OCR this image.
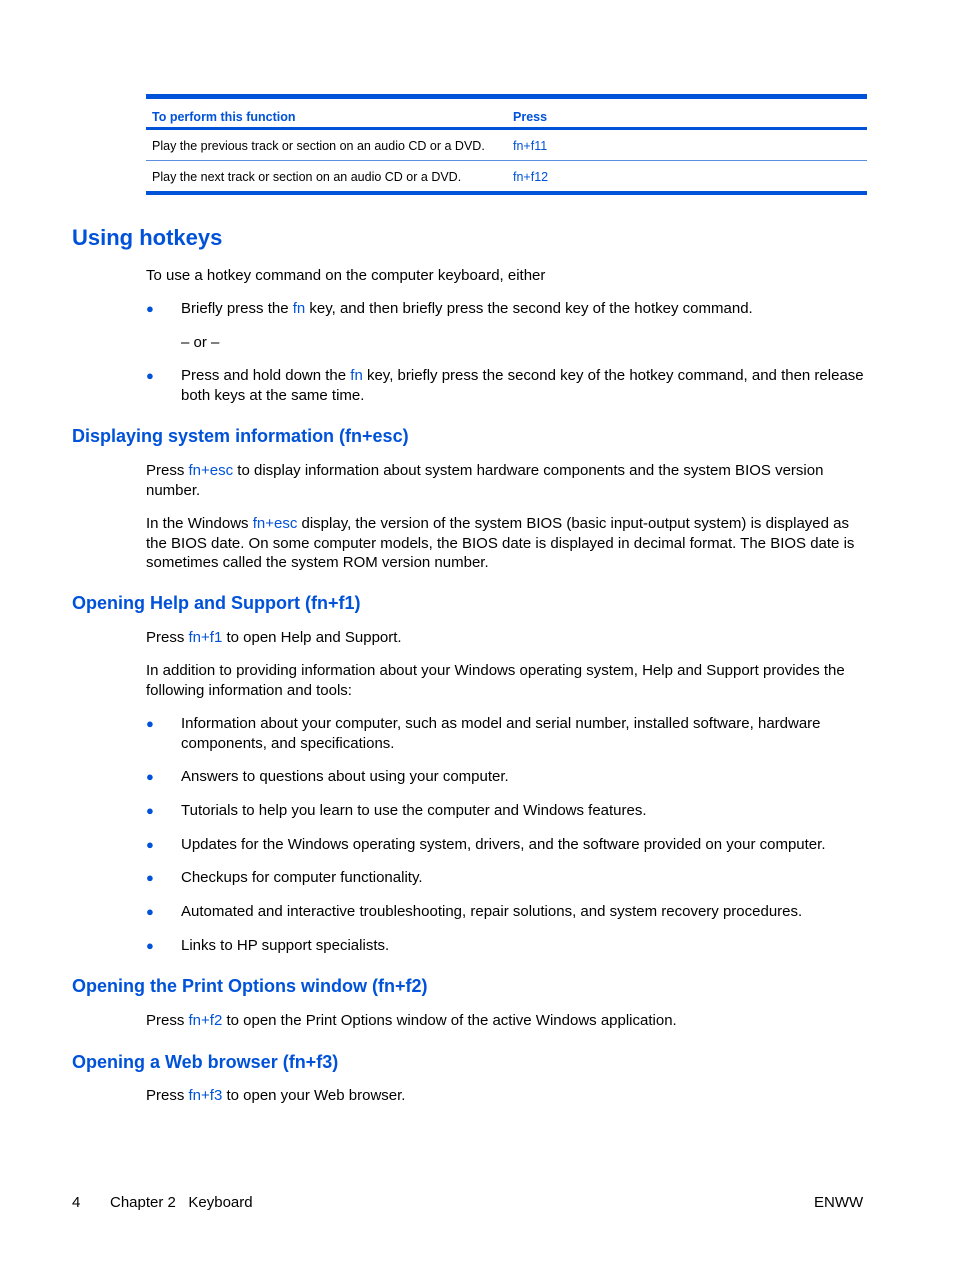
To perform this function	Press
Play the previous track or section on an audio CD or a DVD. fn+f11
Play the next track or section on an audio CD or a DVD.	fn+f12
Using hotkeys

To use a hotkey command on the computer keyboard, either

● Briefly press the fn key, and then briefly press the second key of the hotkey command.

– or –

● Press and hold down the fn key, briefly press the second key of the hotkey command, and then release both keys at the same time.
Displaying system information (fn+esc)

Press fn+esc to display information about system hardware components and the system BIOS version number.

In the Windows fn+esc display, the version of the system BIOS (basic input-output system) is displayed as the BIOS date. On some computer models, the BIOS date is displayed in decimal format. The BIOS date is sometimes called the system ROM version number.

Opening Help and Support (fn+f1)

Press fn+f1 to open Help and Support.

In addition to providing information about your Windows operating system, Help and Support provides the following information and tools:

● Information about your computer, such as model and serial number, installed software, hardware components, and specifications.
● Answers to questions about using your computer.
● Tutorials to help you learn to use the computer and Windows features.
● Updates for the Windows operating system, drivers, and the software provided on your computer.
● Checkups for computer functionality.
● Automated and interactive troubleshooting, repair solutions, and system recovery procedures.
● Links to HP support specialists.
Opening the Print Options window (fn+f2)

Press fn+f2 to open the Print Options window of the active Windows application.

Opening a Web browser (fn+f3)

Press fn+f3 to open your Web browser.

4 Chapter 2   Keyboard	ENWW
